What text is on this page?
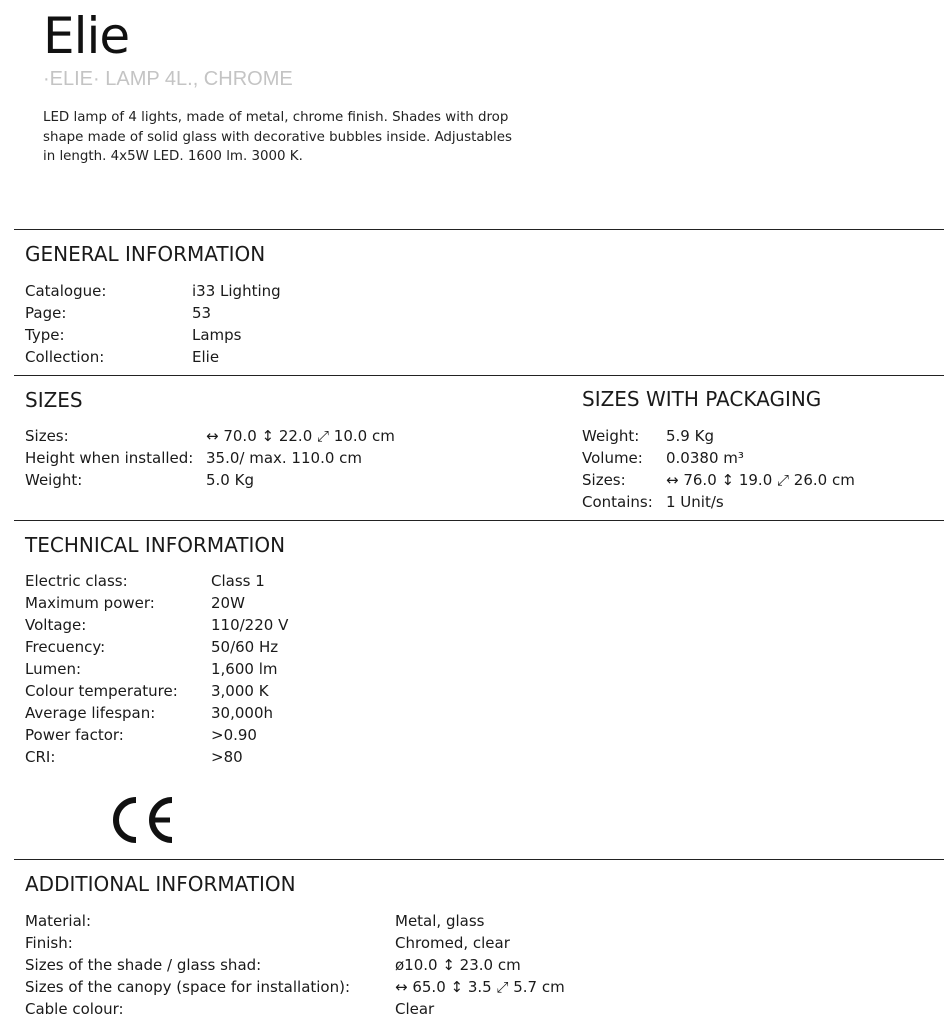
Elie
·ELIE· LAMP 4L., CHROME
LED lamp of 4 lights, made of metal, chrome finish. Shades with drop shape made of solid glass with decorative bubbles inside. Adjustables in length. 4x5W LED. 1600 lm. 3000 K.
GENERAL INFORMATION
Catalogue:	i33 Lighting
Page:	53
Type:	Lamps
Collection:	Elie
SIZES
Sizes:	↔ 70.0 ↕ 22.0 ⤢ 10.0 cm
Height when installed: 35.0/ max. 110.0 cm
Weight:	5.0 Kg
SIZES WITH PACKAGING
Weight:	5.9 Kg
Volume:	0.0380 m³
Sizes:	↔ 76.0 ↕ 19.0 ⤢ 26.0 cm
Contains: 1 Unit/s
TECHNICAL INFORMATION
Electric class:	Class 1
Maximum power:	20W
Voltage:	110/220 V
Frecuency:	50/60 Hz
Lumen:	1,600 lm
Colour temperature:	3,000 K
Average lifespan:	30,000h
Power factor:	>0.90
CRI:	>80
ADDITIONAL INFORMATION
Material:	Metal, glass
Finish:	Chromed, clear
Sizes of the shade / glass shad:	ø10.0 ↕ 23.0 cm
Sizes of the canopy (space for installation):	↔ 65.0 ↕ 3.5 ⤢ 5.7 cm
Cable colour:	Clear
